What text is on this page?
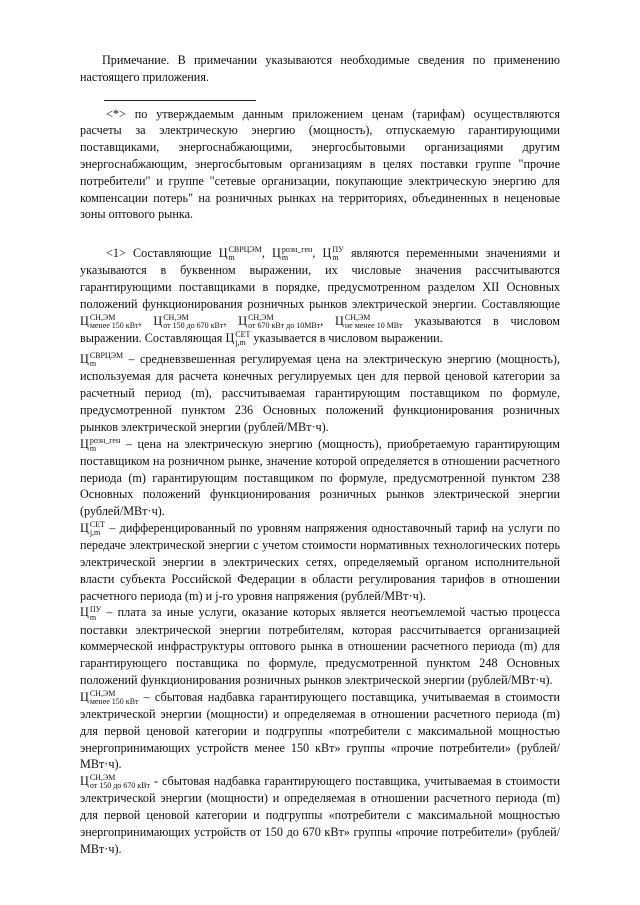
Примечание. В примечании указываются необходимые сведения по применению настоящего приложения.

<*> по утверждаемым данным приложением ценам (тарифам) осуществляются расчеты за электрическую энергию (мощность), отпускаемую гарантирующими поставщиками, энергоснабжающими, энергосбытовыми организациями другим энергоснабжающим, энергосбытовым организациям в целях поставки группе "прочие потребители" и группе "сетевые организации, покупающие электрическую энергию для компенсации потерь" на розничных рынках на территориях, объединенных в неценовые зоны оптового рынка.

<1> Составляющие Ц СВРЦЭМ
m	, Ц розн_ген
m	, Ц ПУ
m являются переменными значениями и указываются в буквенном выражении, их числовые значения рассчитываются гарантирующими поставщиками в порядке, предусмотренном разделом XII Основных положений функционирования розничных рынков электрической энергии. Составляющие Ц СН,ЭМ
менее 150 кВт , Ц СН,ЭМ
от 150 до 670 кВт , Ц СН,ЭМ
от 670 кВт до 10МВт , Ц СН,ЭМ
не менее 10 МВт указываются в числовом выражении. Составляющая Ц СЕТ
j,m указывается в числовом выражении.

Ц СВРЦЭМ
m	– средневзвешенная регулируемая цена на электрическую энергию (мощность), используемая для расчета конечных регулируемых цен для первой ценовой категории за расчетный период (m), рассчитываемая гарантирующим поставщиком по формуле, предусмотренной пунктом 236 Основных положений функционирования розничных рынков электрической энергии (рублей/МВт·ч).

Ц розн_ген
m	– цена на электрическую энергию (мощность), приобретаемую гарантирующим поставщиком на розничном рынке, значение которой определяется в отношении расчетного периода (m) гарантирующим поставщиком по формуле, предусмотренной пунктом 238 Основных положений функционирования розничных рынков электрической энергии (рублей/МВт·ч).

Ц СЕТ
j,m – дифференцированный по уровням напряжения одноставочный тариф на услуги по передаче электрической энергии с учетом стоимости нормативных технологических потерь электрической энергии в электрических сетях, определяемый органом исполнительной власти субъекта Российской Федерации в области регулирования тарифов в отношении расчетного периода (m) и j-го уровня напряжения (рублей/МВт·ч).

Ц ПУ
m – плата за иные услуги, оказание которых является неотъемлемой частью процесса поставки электрической энергии потребителям, которая рассчитывается организацией коммерческой инфраструктуры оптового рынка в отношении расчетного периода (m) для гарантирующего поставщика по формуле, предусмотренной пунктом 248 Основных положений функционирования розничных рынков электрической энергии (рублей/МВт·ч).

Ц СН,ЭМ
менее 150 кВт – сбытовая надбавка гарантирующего поставщика, учитываемая в стоимости электрической энергии (мощности) и определяемая в отношении расчетного периода (m) для первой ценовой категории и подгруппы «потребители с максимальной мощностью энергопринимающих устройств менее 150 кВт» группы «прочие потребители» (рублей/МВт·ч).

Ц СН,ЭМ
от 150 до 670 кВт - сбытовая надбавка гарантирующего поставщика, учитываемая в стоимости электрической энергии (мощности) и определяемая в отношении расчетного периода (m) для первой ценовой категории и подгруппы «потребители с максимальной мощностью энергопринимающих устройств от 150 до 670 кВт» группы «прочие потребители» (рублей/МВт·ч).
